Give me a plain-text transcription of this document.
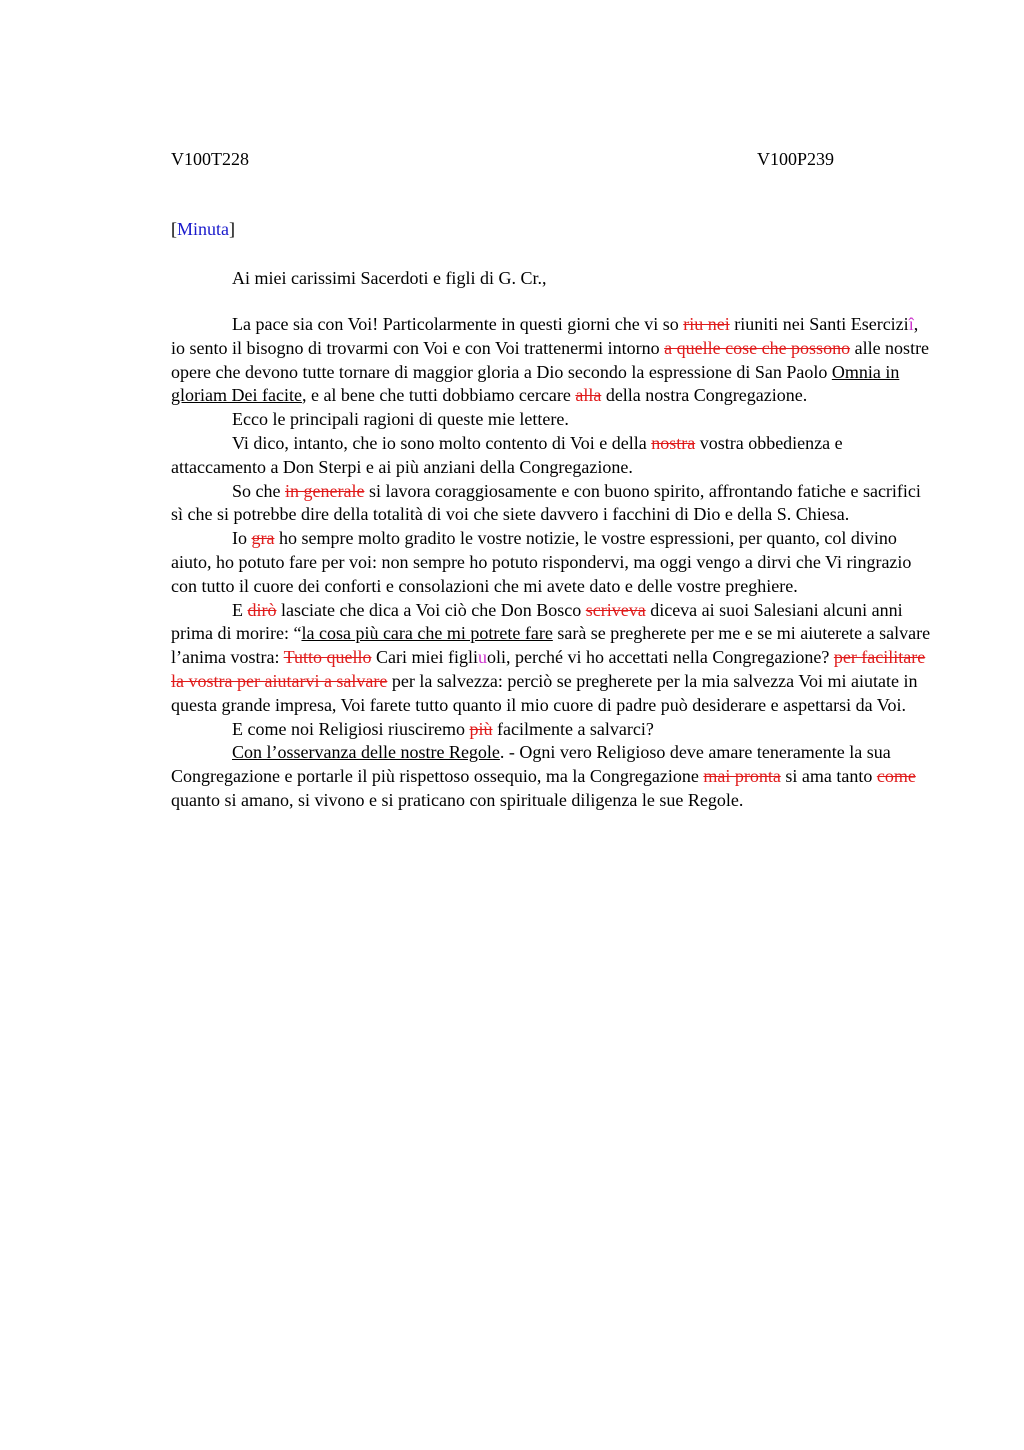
V100T228	V100P239
[Minuta]
Ai miei carissimi Sacerdoti e figli di G. Cr.,

La pace sia con Voi! Particolarmente in questi giorni che vi so riu nei riuniti nei Santi Eserciziî, io sento il bisogno di trovarmi con Voi e con Voi trattenermi intorno a quelle cose che possono alle nostre opere che devono tutte tornare di maggior gloria a Dio secondo la espressione di San Paolo Omnia in gloriam Dei facite, e al bene che tutti dobbiamo cercare alla della nostra Congregazione.

Ecco le principali ragioni di queste mie lettere.

Vi dico, intanto, che io sono molto contento di Voi e della nostra vostra obbedienza e attaccamento a Don Sterpi e ai più anziani della Congregazione.

So che in generale si lavora coraggiosamente e con buono spirito, affrontando fatiche e sacrifici sì che si potrebbe dire della totalità di voi che siete davvero i facchini di Dio e della S. Chiesa.

Io gra ho sempre molto gradito le vostre notizie, le vostre espressioni, per quanto, col divino aiuto, ho potuto fare per voi: non sempre ho potuto rispondervi, ma oggi vengo a dirvi che Vi ringrazio con tutto il cuore dei conforti e consolazioni che mi avete dato e delle vostre preghiere.

E dirò lasciate che dica a Voi ciò che Don Bosco scriveva diceva ai suoi Salesiani alcuni anni prima di morire: “la cosa più cara che mi potrete fare sarà se pregherete per me e se mi aiuterete a salvare l’anima vostra: Tutto quello Cari miei figliuoli, perché vi ho accettati nella Congregazione? per facilitare la vostra per aiutarvi a salvare per la salvezza: perciò se pregherete per la mia salvezza Voi mi aiutate in questa grande impresa, Voi farete tutto quanto il mio cuore di padre può desiderare e aspettarsi da Voi.

E come noi Religiosi riusciremo più facilmente a salvarci?

Con l’osservanza delle nostre Regole. - Ogni vero Religioso deve amare teneramente la sua Congregazione e portarle il più rispettoso ossequio, ma la Congregazione mai pronta si ama tanto come quanto si amano, si vivono e si praticano con spirituale diligenza le sue Regole.
